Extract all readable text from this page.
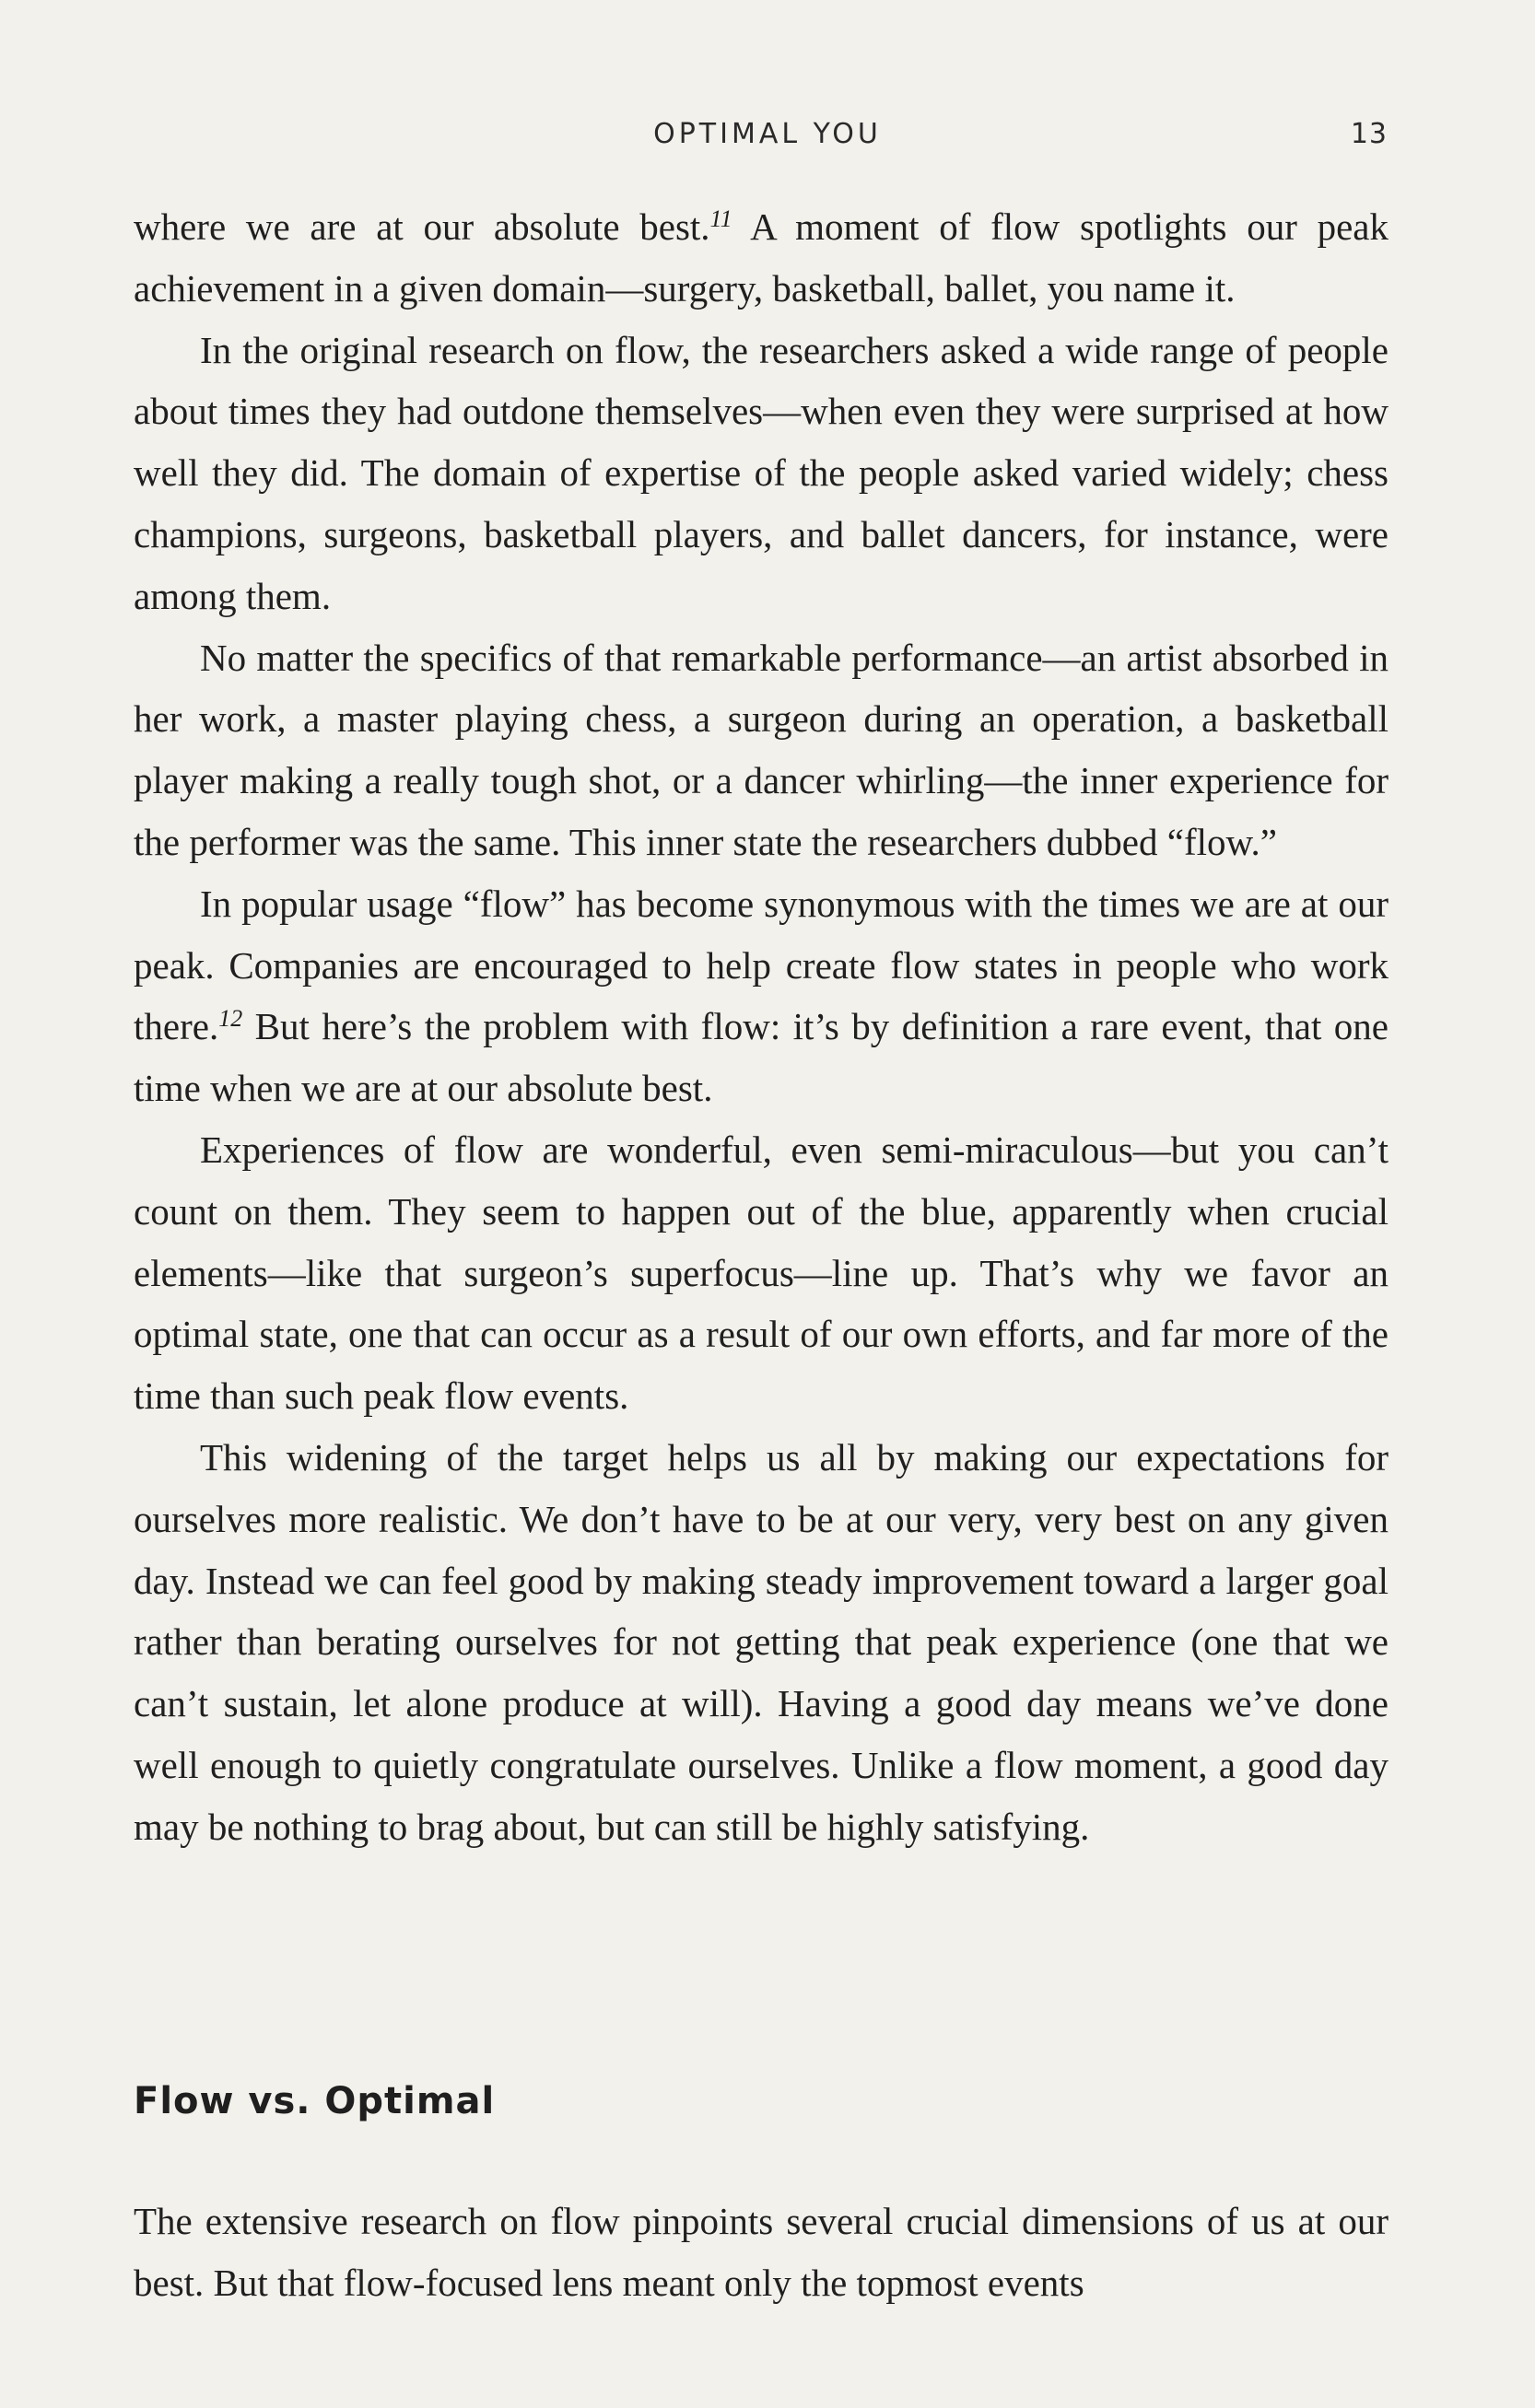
OPTIMAL YOU	13

where we are at our absolute best.$^{11}$ A moment of flow spotlights our peak achievement in a given domain—surgery, basketball, ballet, you name it.

In the original research on flow, the researchers asked a wide range of people about times they had outdone themselves—when even they were surprised at how well they did. The domain of expertise of the people asked varied widely; chess champions, surgeons, basketball players, and ballet dancers, for instance, were among them.

No matter the specifics of that remarkable performance—an artist absorbed in her work, a master playing chess, a surgeon during an operation, a basketball player making a really tough shot, or a dancer whirling—the inner experience for the performer was the same. This inner state the researchers dubbed “flow.”

In popular usage “flow” has become synonymous with the times we are at our peak. Companies are encouraged to help create flow states in people who work there.$^{12}$ But here’s the problem with flow: it’s by definition a rare event, that one time when we are at our absolute best.

Experiences of flow are wonderful, even semi-miraculous—but you can’t count on them. They seem to happen out of the blue, apparently when crucial elements—like that surgeon’s superfocus—line up. That’s why we favor an optimal state, one that can occur as a result of our own efforts, and far more of the time than such peak flow events.

This widening of the target helps us all by making our expectations for ourselves more realistic. We don’t have to be at our very, very best on any given day. Instead we can feel good by making steady improvement toward a larger goal rather than berating ourselves for not getting that peak experience (one that we can’t sustain, let alone produce at will). Having a good day means we’ve done well enough to quietly congratulate ourselves. Unlike a flow moment, a good day may be nothing to brag about, but can still be highly satisfying.

Flow vs. Optimal

The extensive research on flow pinpoints several crucial dimensions of us at our best. But that flow-focused lens meant only the topmost events
